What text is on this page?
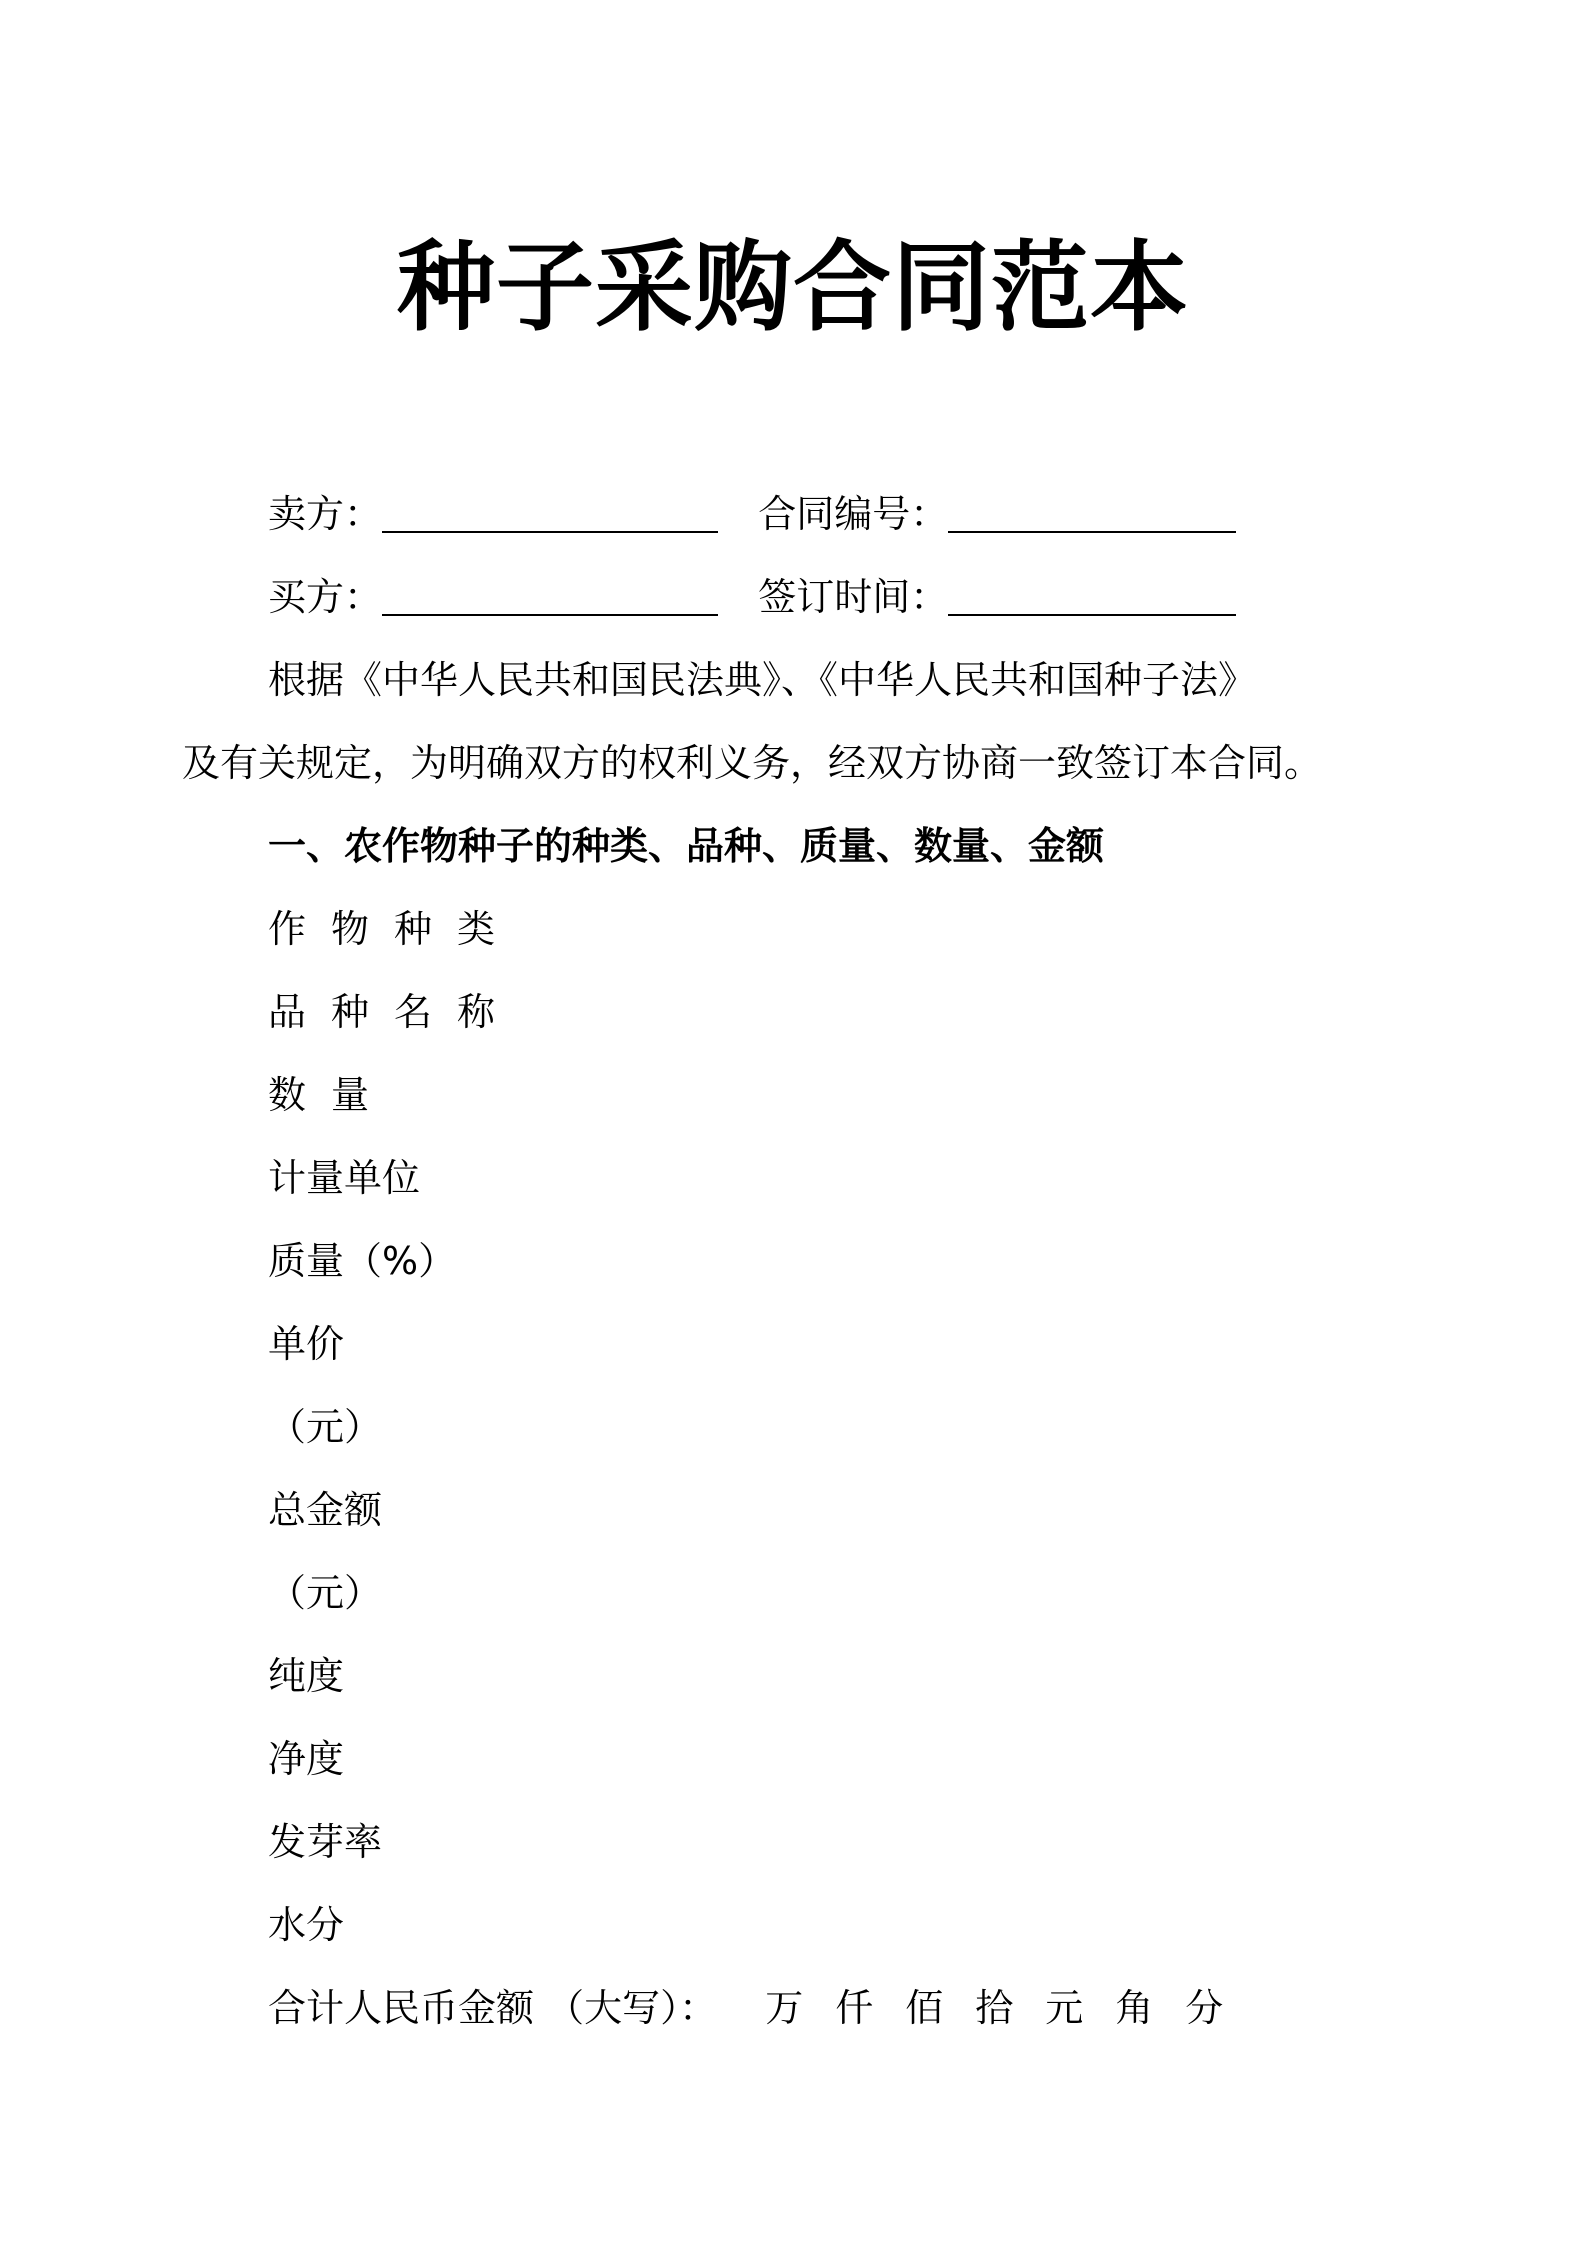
种子采购合同范本
卖方：	合同编号：
买方：	签订时间：
根据《中华人民共和国民法典》、《中华人民共和国种子法》
及有关规定，为明确双方的权利义务，经双方协商一致签订本合同。
一、农作物种子的种类、品种、质量、数量、金额
作物种类
品种名称
数量
计量单位
质量（%）
单价
（元）
总金额
（元）
纯度
净度
发芽率
水分
合计人民币金额 （大写）： 万仟佰拾元角分
